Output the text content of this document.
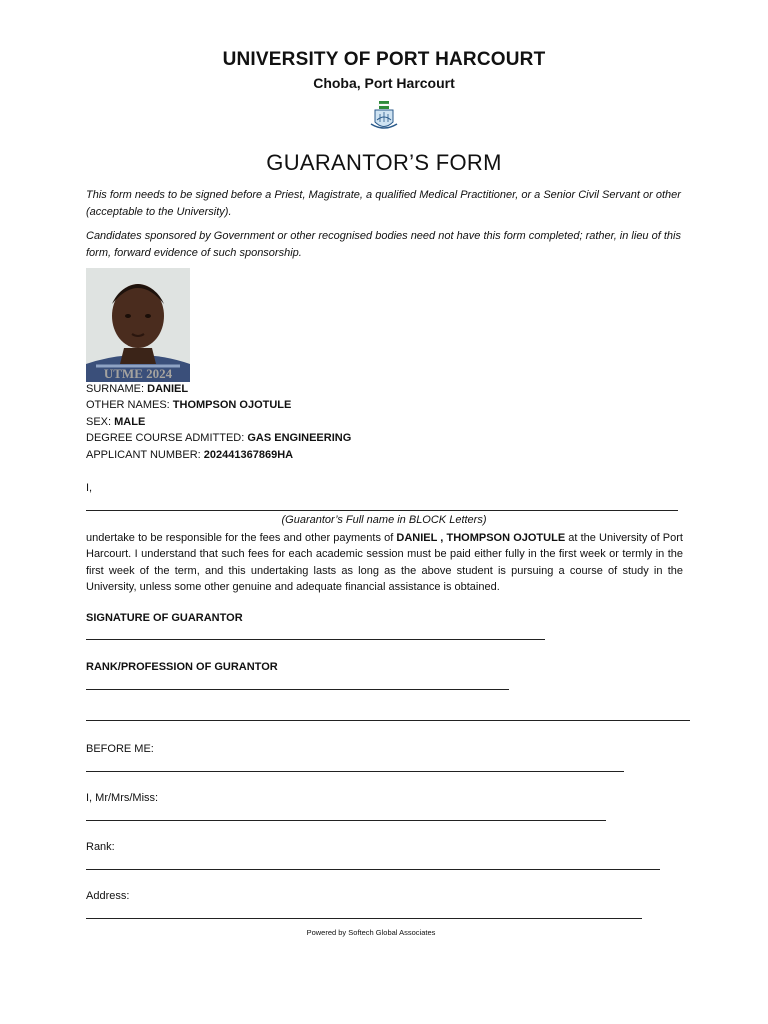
UNIVERSITY OF PORT HARCOURT
Choba, Port Harcourt
GUARANTOR’S FORM
This form needs to be signed before a Priest, Magistrate, a qualified Medical Practitioner, or a Senior Civil Servant or other (acceptable to the University).
Candidates sponsored by Government or other recognised bodies need not have this form completed; rather, in lieu of this form, forward evidence of such sponsorship.
UTME 2024
SURNAME: DANIEL
OTHER NAMES: THOMPSON OJOTULE
SEX: MALE
DEGREE COURSE ADMITTED: GAS ENGINEERING
APPLICANT NUMBER: 202441367869HA
I,
(Guarantor’s Full name in BLOCK Letters)
undertake to be responsible for the fees and other payments of DANIEL , THOMPSON OJOTULE at the University of Port Harcourt. I understand that such fees for each academic session must be paid either fully in the first week or termly in the first week of the term, and this undertaking lasts as long as the above student is pursuing a course of study in the University, unless some other genuine and adequate financial assistance is obtained.
SIGNATURE OF GUARANTOR
RANK/PROFESSION OF GURANTOR
BEFORE ME:
I, Mr/Mrs/Miss:
Rank:
Address:
Powered by Softech Global Associates
